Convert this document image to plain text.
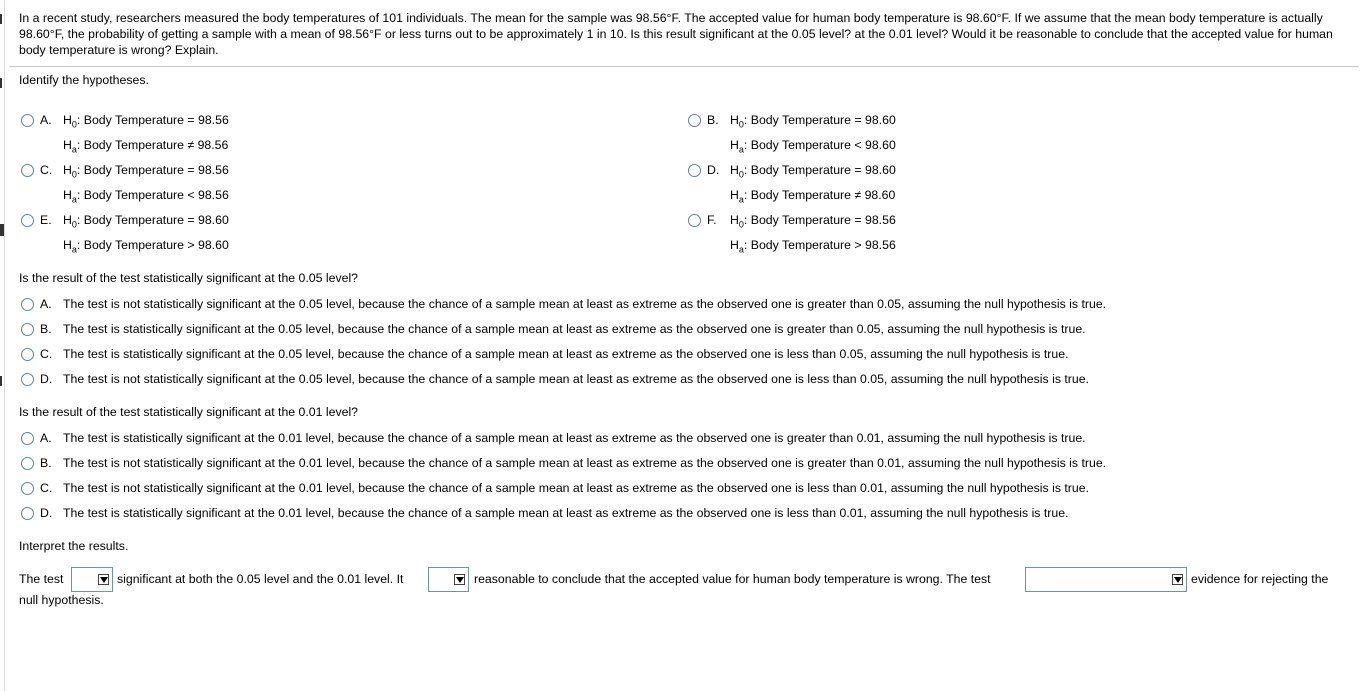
In a recent study, researchers measured the body temperatures of 101 individuals. The mean for the sample was 98.56°F. The accepted value for human body temperature is 98.60°F. If we assume that the mean body temperature is actually 98.60°F, the probability of getting a sample with a mean of 98.56°F or less turns out to be approximately 1 in 10. Is this result significant at the 0.05 level? at the 0.01 level? Would it be reasonable to conclude that the accepted value for human body temperature is wrong? Explain.
Identify the hypotheses.
A. $H_0$: Body Temperature = 98.56
$H_a$: Body Temperature ≠ 98.56
B. $H_0$: Body Temperature = 98.60
$H_a$: Body Temperature < 98.60
C. $H_0$: Body Temperature = 98.56
$H_a$: Body Temperature < 98.56
D. $H_0$: Body Temperature = 98.60
$H_a$: Body Temperature ≠ 98.60
E. $H_0$: Body Temperature = 98.60
$H_a$: Body Temperature > 98.60
F.	$H_0$: Body Temperature = 98.56
$H_a$: Body Temperature > 98.56
Is the result of the test statistically significant at the 0.05 level?
A. The test is not statistically significant at the 0.05 level, because the chance of a sample mean at least as extreme as the observed one is greater than 0.05, assuming the null hypothesis is true.
B. The test is statistically significant at the 0.05 level, because the chance of a sample mean at least as extreme as the observed one is greater than 0.05, assuming the null hypothesis is true.
C. The test is statistically significant at the 0.05 level, because the chance of a sample mean at least as extreme as the observed one is less than 0.05, assuming the null hypothesis is true.
D. The test is not statistically significant at the 0.05 level, because the chance of a sample mean at least as extreme as the observed one is less than 0.05, assuming the null hypothesis is true.
Is the result of the test statistically significant at the 0.01 level?
A. The test is statistically significant at the 0.01 level, because the chance of a sample mean at least as extreme as the observed one is greater than 0.01, assuming the null hypothesis is true.
B. The test is not statistically significant at the 0.01 level, because the chance of a sample mean at least as extreme as the observed one is greater than 0.01, assuming the null hypothesis is true.
C. The test is not statistically significant at the 0.01 level, because the chance of a sample mean at least as extreme as the observed one is less than 0.01, assuming the null hypothesis is true.
D. The test is statistically significant at the 0.01 level, because the chance of a sample mean at least as extreme as the observed one is less than 0.01, assuming the null hypothesis is true.
Interpret the results.
The test	significant at both the 0.05 level and the 0.01 level. It	reasonable to conclude that the accepted value for human body temperature is wrong. The test	evidence for rejecting the
null hypothesis.
